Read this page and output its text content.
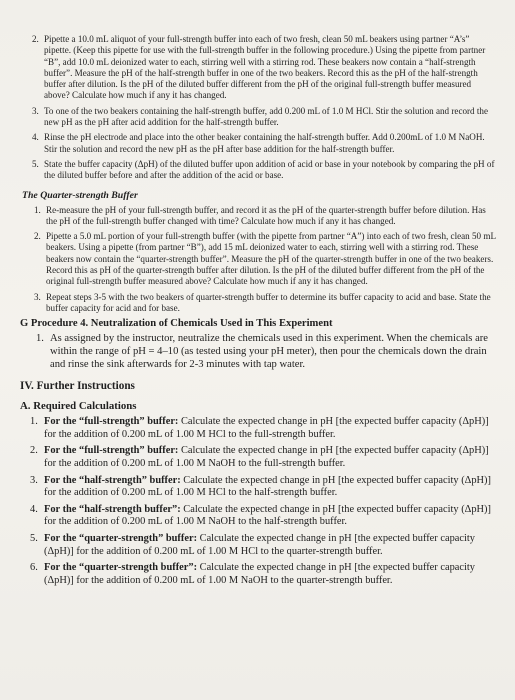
2. Pipette a 10.0 mL aliquot of your full-strength buffer into each of two fresh, clean 50 mL beakers using partner “A’s” pipette. (Keep this pipette for use with the full-strength buffer in the following procedure.) Using the pipette from partner “B”, add 10.0 mL deionized water to each, stirring well with a stirring rod. These beakers now contain a “half-strength buffer”. Measure the pH of the half-strength buffer in one of the two beakers. Record this as the pH of the half-strength buffer after dilution. Is the pH of the diluted buffer different from the pH of the original full-strength buffer measured above? Calculate how much if any it has changed.
3. To one of the two beakers containing the half-strength buffer, add 0.200 mL of 1.0 M HCl. Stir the solution and record the new pH as the pH after acid addition for the half-strength buffer.
4. Rinse the pH electrode and place into the other beaker containing the half-strength buffer. Add 0.200mL of 1.0 M NaOH. Stir the solution and record the new pH as the pH after base addition for the half-strength buffer.
5. State the buffer capacity (ΔpH) of the diluted buffer upon addition of acid or base in your notebook by comparing the pH of the diluted buffer before and after the addition of the acid or base.
The Quarter-strength Buffer
1. Re-measure the pH of your full-strength buffer, and record it as the pH of the quarter-strength buffer before dilution. Has the pH of the full-strength buffer changed with time? Calculate how much if any it has changed.
2. Pipette a 5.0 mL portion of your full-strength buffer (with the pipette from partner “A”) into each of two fresh, clean 50 mL beakers. Using a pipette (from partner “B”), add 15 mL deionized water to each, stirring well with a stirring rod. These beakers now contain the “quarter-strength buffer”. Measure the pH of the quarter-strength buffer in one of the two beakers. Record this as pH of the quarter-strength buffer after dilution. Is the pH of the diluted buffer different from the pH of the original full-strength buffer measured above? Calculate how much if any it has changed.
3. Repeat steps 3-5 with the two beakers of quarter-strength buffer to determine its buffer capacity to acid and base. State the buffer capacity for acid and for base.
G Procedure 4. Neutralization of Chemicals Used in This Experiment
1. As assigned by the instructor, neutralize the chemicals used in this experiment. When the chemicals are within the range of pH = 4–10 (as tested using your pH meter), then pour the chemicals down the drain and rinse the sink afterwards for 2-3 minutes with tap water.
IV. Further Instructions
A. Required Calculations
1. For the “full-strength” buffer: Calculate the expected change in pH [the expected buffer capacity (ΔpH)] for the addition of 0.200 mL of 1.00 M HCl to the full-strength buffer.
2. For the “full-strength” buffer: Calculate the expected change in pH [the expected buffer capacity (ΔpH)] for the addition of 0.200 mL of 1.00 M NaOH to the full-strength buffer.
3. For the “half-strength” buffer: Calculate the expected change in pH [the expected buffer capacity (ΔpH)] for the addition of 0.200 mL of 1.00 M HCl to the half-strength buffer.
4. For the “half-strength buffer”: Calculate the expected change in pH [the expected buffer capacity (ΔpH)] for the addition of 0.200 mL of 1.00 M NaOH to the half-strength buffer.
5. For the “quarter-strength” buffer: Calculate the expected change in pH [the expected buffer capacity (ΔpH)] for the addition of 0.200 mL of 1.00 M HCl to the quarter-strength buffer.
6. For the “quarter-strength buffer”: Calculate the expected change in pH [the expected buffer capacity (ΔpH)] for the addition of 0.200 mL of 1.00 M NaOH to the quarter-strength buffer.
